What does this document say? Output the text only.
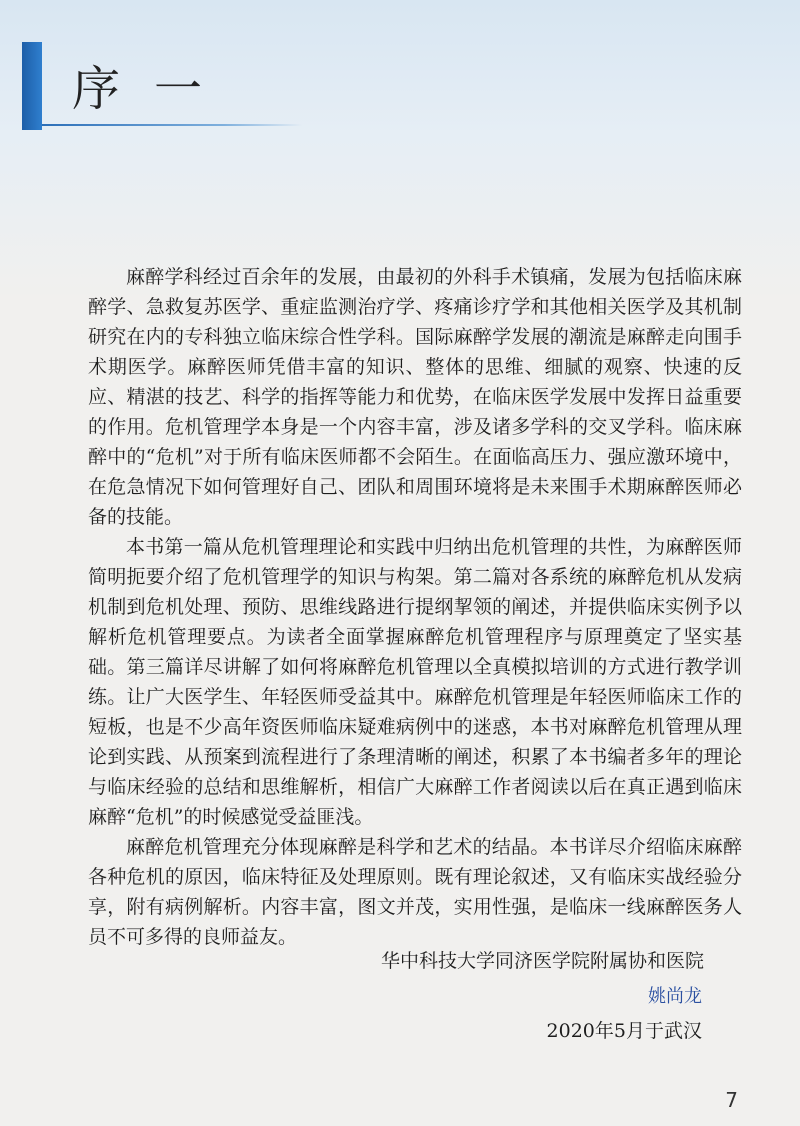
序一

麻醉学科经过百余年的发展，由最初的外科手术镇痛，发展为包括临床麻醉学、急救复苏医学、重症监测治疗学、疼痛诊疗学和其他相关医学及其机制研究在内的专科独立临床综合性学科。国际麻醉学发展的潮流是麻醉走向围手术期医学。麻醉医师凭借丰富的知识、整体的思维、细腻的观察、快速的反应、精湛的技艺、科学的指挥等能力和优势，在临床医学发展中发挥日益重要的作用。危机管理学本身是一个内容丰富，涉及诸多学科的交叉学科。临床麻醉中的“危机”对于所有临床医师都不会陌生。在面临高压力、强应激环境中，在危急情况下如何管理好自己、团队和周围环境将是未来围手术期麻醉医师必备的技能。

本书第一篇从危机管理理论和实践中归纳出危机管理的共性，为麻醉医师简明扼要介绍了危机管理学的知识与构架。第二篇对各系统的麻醉危机从发病机制到危机处理、预防、思维线路进行提纲挈领的阐述，并提供临床实例予以解析危机管理要点。为读者全面掌握麻醉危机管理程序与原理奠定了坚实基础。第三篇详尽讲解了如何将麻醉危机管理以全真模拟培训的方式进行教学训练。让广大医学生、年轻医师受益其中。麻醉危机管理是年轻医师临床工作的短板，也是不少高年资医师临床疑难病例中的迷惑，本书对麻醉危机管理从理论到实践、从预案到流程进行了条理清晰的阐述，积累了本书编者多年的理论与临床经验的总结和思维解析，相信广大麻醉工作者阅读以后在真正遇到临床麻醉“危机”的时候感觉受益匪浅。

麻醉危机管理充分体现麻醉是科学和艺术的结晶。本书详尽介绍临床麻醉各种危机的原因，临床特征及处理原则。既有理论叙述，又有临床实战经验分享，附有病例解析。内容丰富，图文并茂，实用性强，是临床一线麻醉医务人员不可多得的良师益友。

华中科技大学同济医学院附属协和医院
姚尚龙
2020年5月于武汉
7
